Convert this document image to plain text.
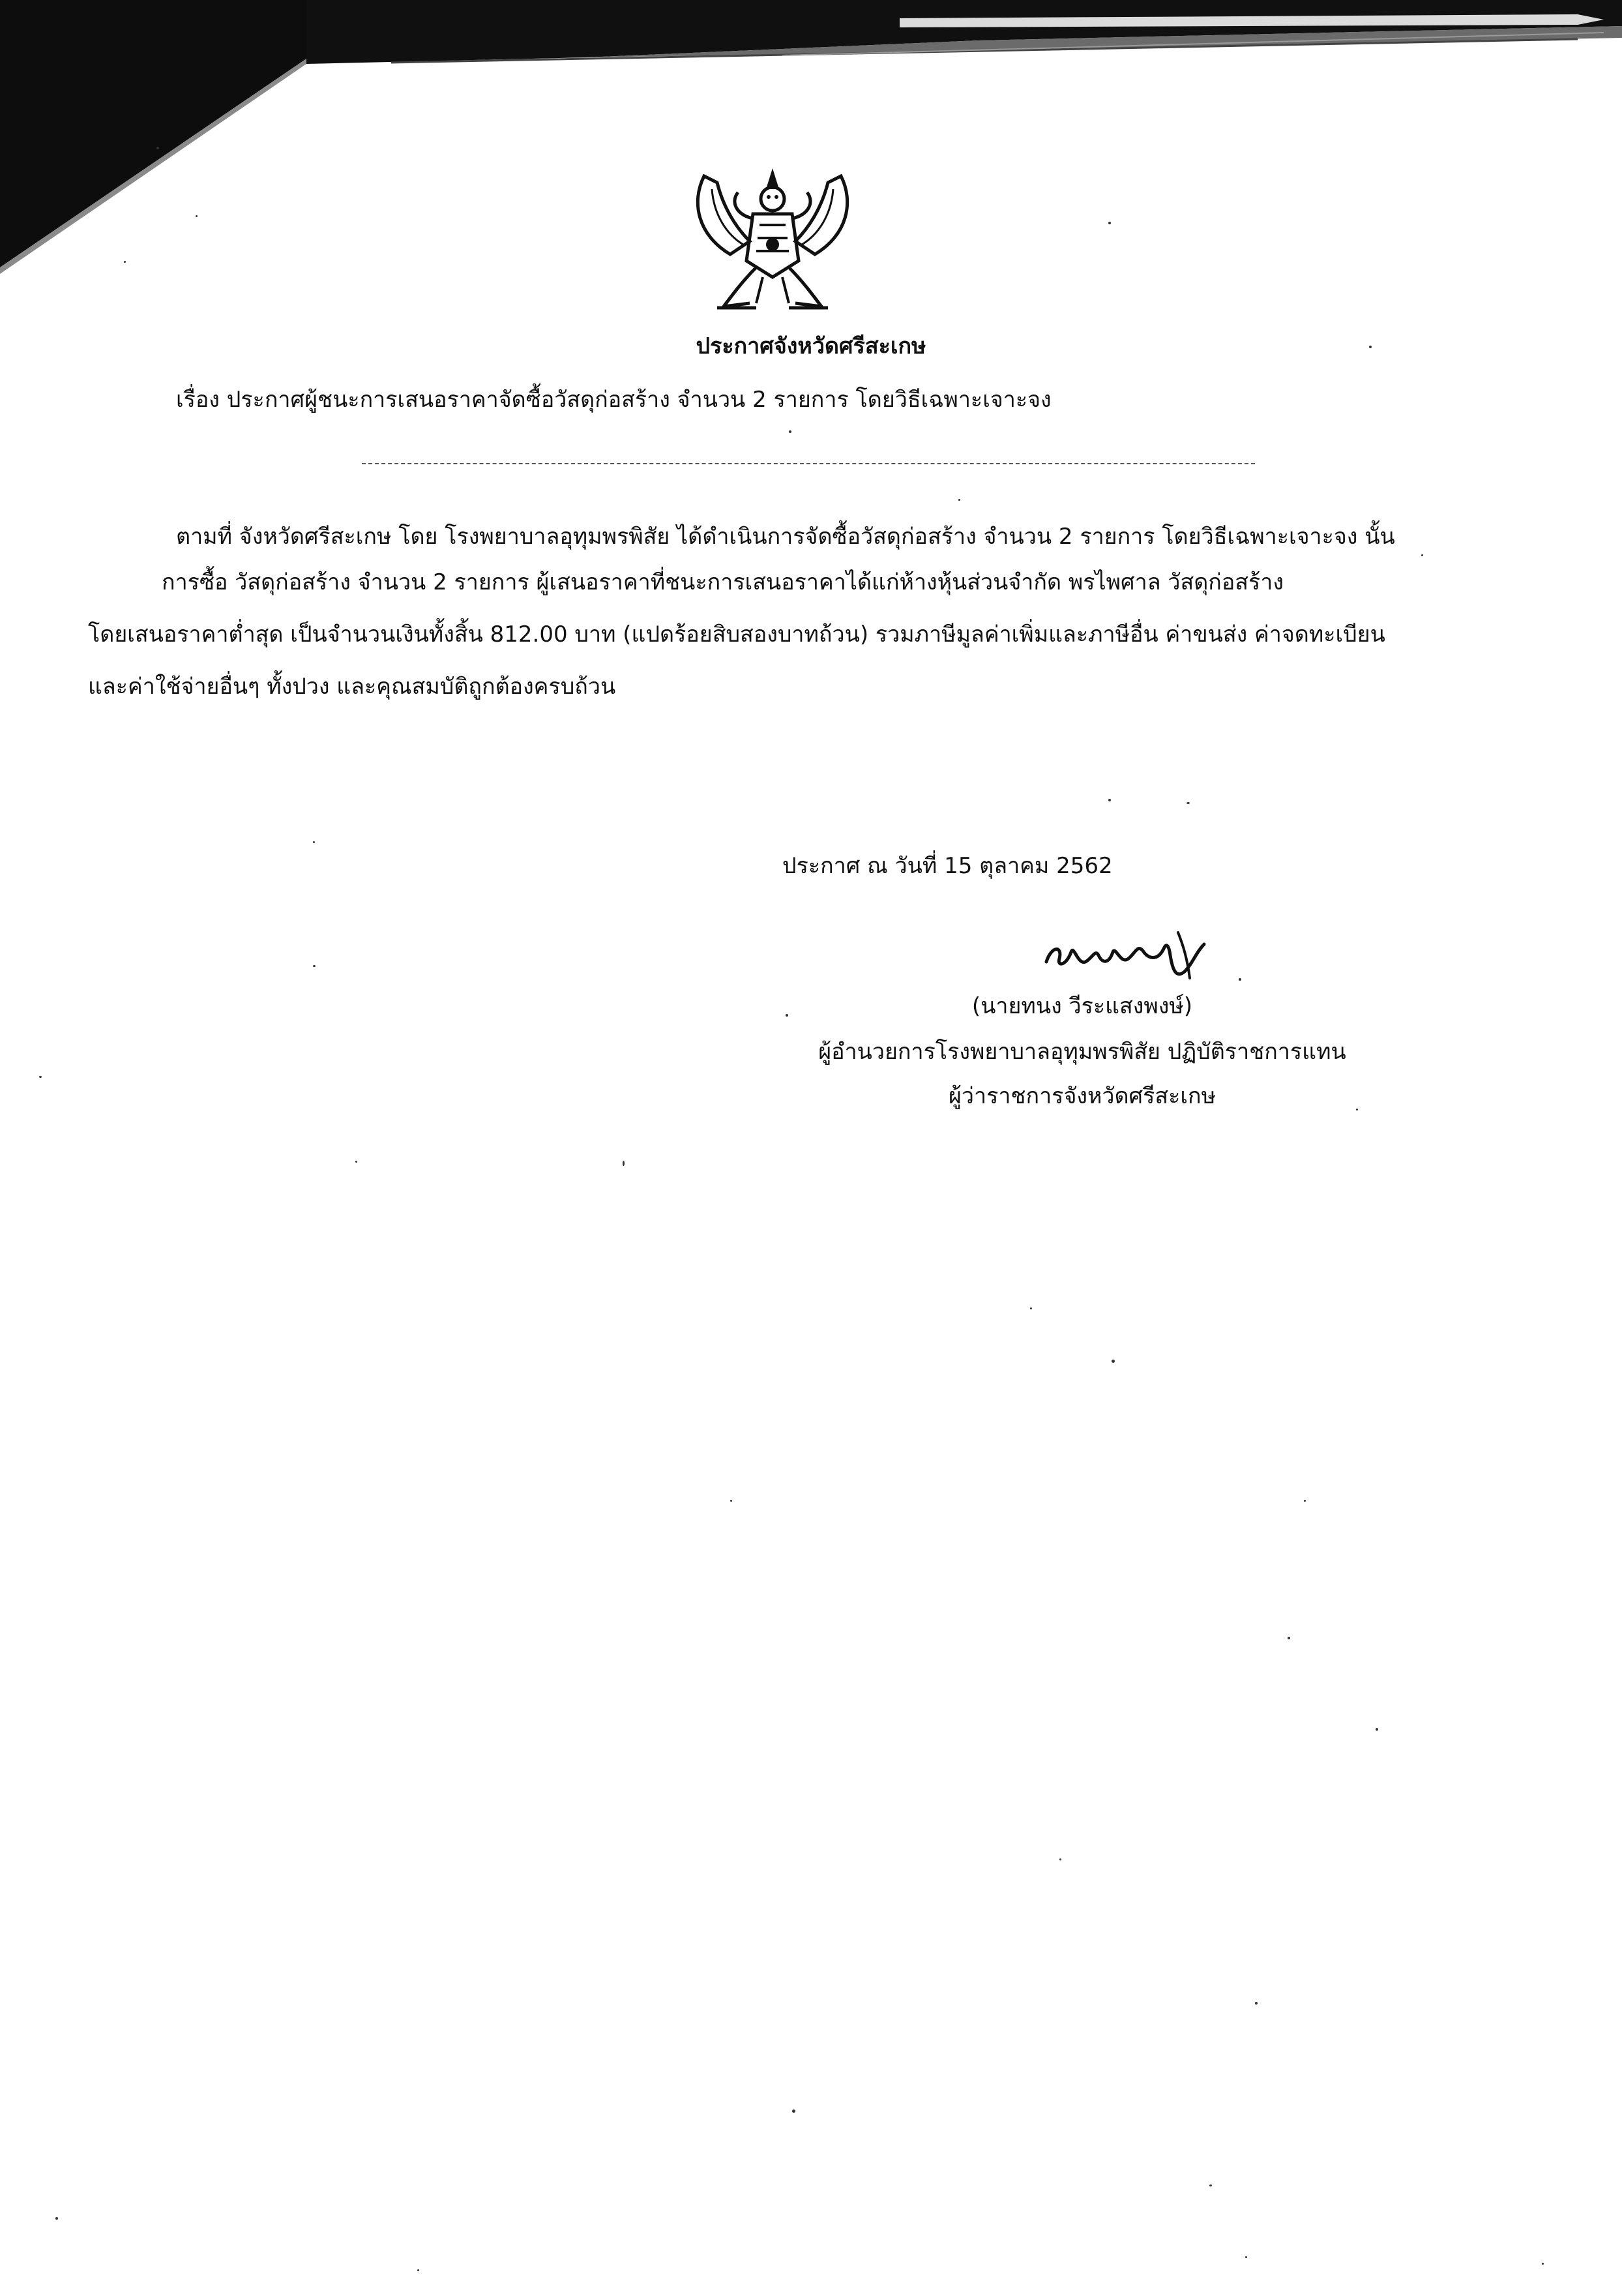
ประกาศจังหวัดศรีสะเกษ
เรื่อง ประกาศผู้ชนะการเสนอราคาจัดซื้อวัสดุก่อสร้าง จำนวน 2 รายการ โดยวิธีเฉพาะเจาะจง
ตามที่ จังหวัดศรีสะเกษ โดย โรงพยาบาลอุทุมพรพิสัย ได้ดำเนินการจัดซื้อวัสดุก่อสร้าง จำนวน 2 รายการ โดยวิธีเฉพาะเจาะจง นั้น
การซื้อ วัสดุก่อสร้าง จำนวน 2 รายการ ผู้เสนอราคาที่ชนะการเสนอราคาได้แก่ห้างหุ้นส่วนจำกัด พรไพศาล วัสดุก่อสร้าง
โดยเสนอราคาต่ำสุด เป็นจำนวนเงินทั้งสิ้น 812.00 บาท (แปดร้อยสิบสองบาทถ้วน) รวมภาษีมูลค่าเพิ่มและภาษีอื่น ค่าขนส่ง ค่าจดทะเบียน
และค่าใช้จ่ายอื่นๆ ทั้งปวง และคุณสมบัติถูกต้องครบถ้วน
ประกาศ ณ วันที่ 15 ตุลาคม 2562
(นายทนง วีระแสงพงษ์)
ผู้อำนวยการโรงพยาบาลอุทุมพรพิสัย ปฏิบัติราชการแทน
ผู้ว่าราชการจังหวัดศรีสะเกษ
